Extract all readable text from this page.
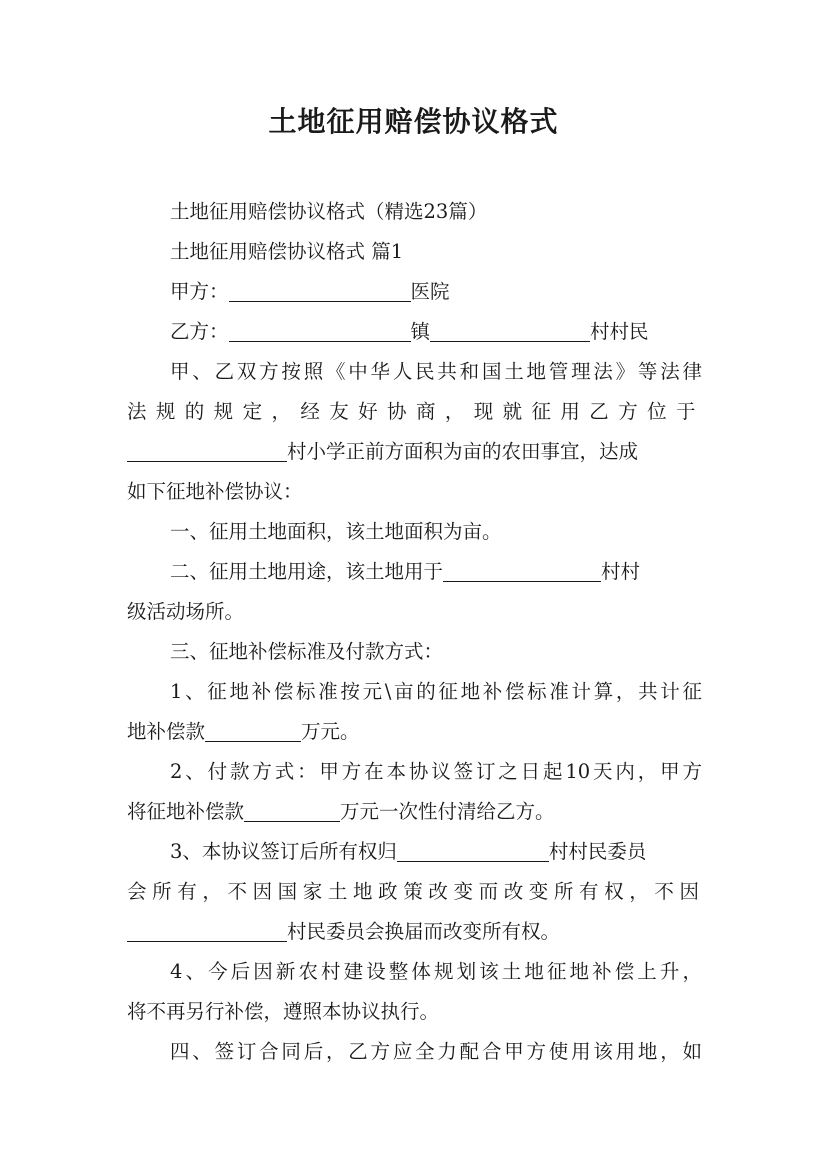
土地征用赔偿协议格式
土地征用赔偿协议格式（精选23篇）
土地征用赔偿协议格式 篇1
甲方：	医院
乙方：	镇	村村民
甲、乙双方按照《中华人民共和国土地管理法》等法律
法规的规定，经友好协商，现就征用乙方位于
村小学正前方面积为亩的农田事宜，达成
如下征地补偿协议：
一、征用土地面积，该土地面积为亩。
二、征用土地用途，该土地用于	村村
级活动场所。
三、征地补偿标准及付款方式：
1、征地补偿标准按元\亩的征地补偿标准计算，共计征
地补偿款	万元。
2、付款方式：甲方在本协议签订之日起10天内，甲方
将征地补偿款	万元一次性付清给乙方。
3、本协议签订后所有权归	村村民委员
会所有，不因国家土地政策改变而改变所有权，不因
村民委员会换届而改变所有权。
4、今后因新农村建设整体规划该土地征地补偿上升，
将不再另行补偿，遵照本协议执行。
四、签订合同后，乙方应全力配合甲方使用该用地，如
